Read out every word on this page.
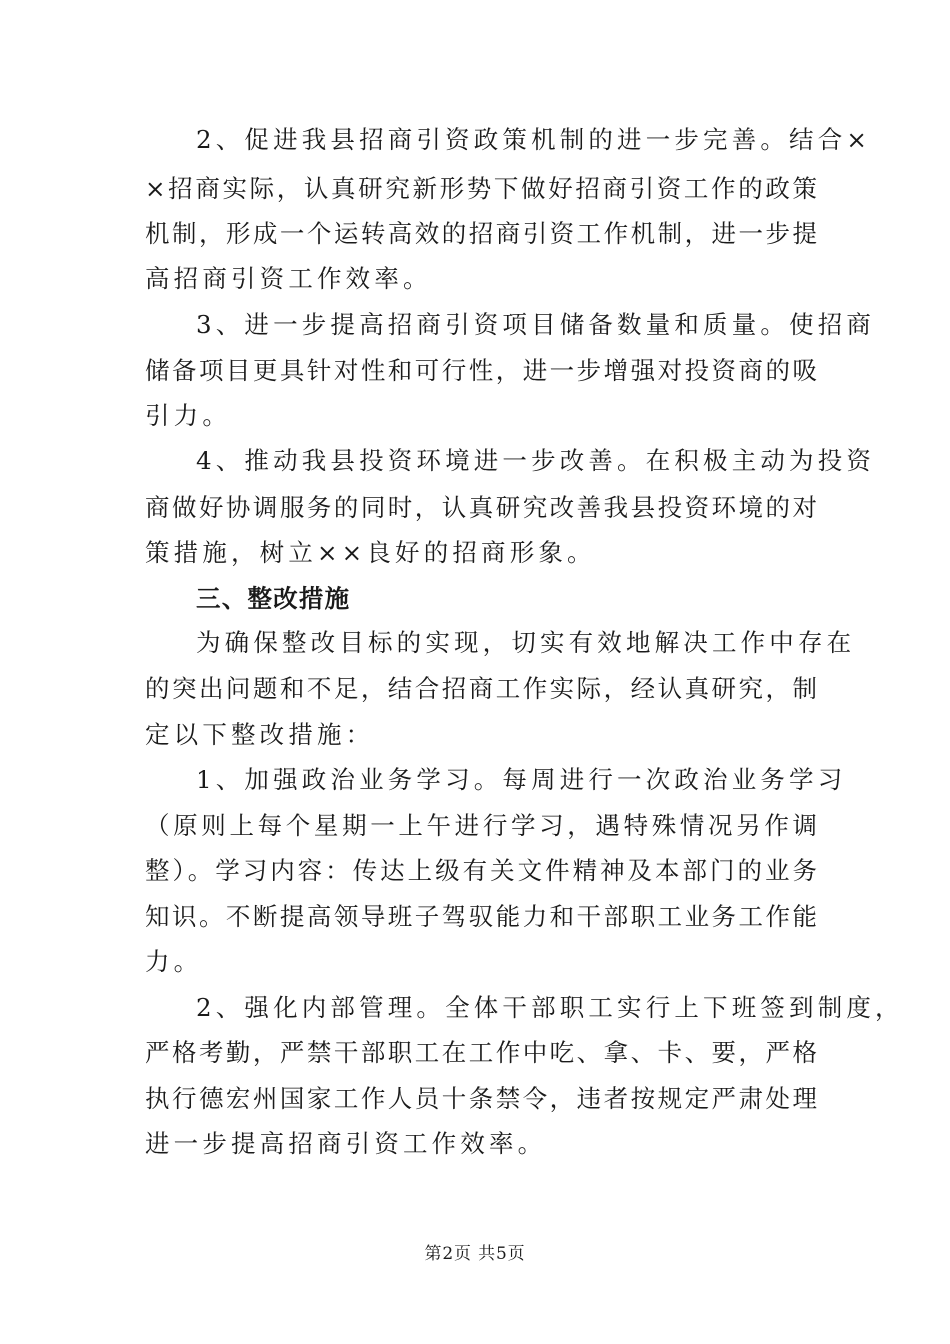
2、促进我县招商引资政策机制的进一步完善。结合×
×招商实际，认真研究新形势下做好招商引资工作的政策
机制，形成一个运转高效的招商引资工作机制，进一步提
高招商引资工作效率。
3、进一步提高招商引资项目储备数量和质量。使招商
储备项目更具针对性和可行性，进一步增强对投资商的吸
引力。
4、推动我县投资环境进一步改善。在积极主动为投资
商做好协调服务的同时，认真研究改善我县投资环境的对
策措施，树立××良好的招商形象。
三、整改措施
为确保整改目标的实现，切实有效地解决工作中存在
的突出问题和不足，结合招商工作实际，经认真研究，制
定以下整改措施：
1、加强政治业务学习。每周进行一次政治业务学习
（原则上每个星期一上午进行学习，遇特殊情况另作调
整）。学习内容：传达上级有关文件精神及本部门的业务
知识。不断提高领导班子驾驭能力和干部职工业务工作能
力。
2、强化内部管理。全体干部职工实行上下班签到制度，
严格考勤，严禁干部职工在工作中吃、拿、卡、要，严格
执行德宏州国家工作人员十条禁令，违者按规定严肃处理
进一步提高招商引资工作效率。
第2页 共5页
